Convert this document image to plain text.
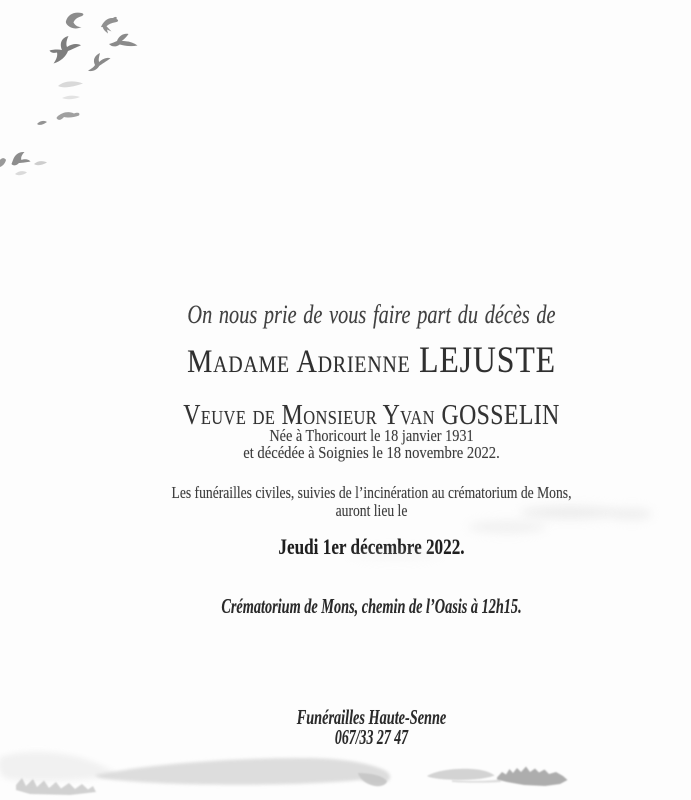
On nous prie de vous faire part du décès de

Madame Adrienne LEJUSTE

Veuve de Monsieur Yvan GOSSELIN

Née à Thoricourt le 18 janvier 1931

et décédée à Soignies le 18 novembre 2022.

Les funérailles civiles, suivies de l’incinération au crématorium de Mons,

auront lieu le

Jeudi 1er décembre 2022.

Crématorium de Mons, chemin de l’Oasis à 12h15.

Funérailles Haute-Senne

067/33 27 47
